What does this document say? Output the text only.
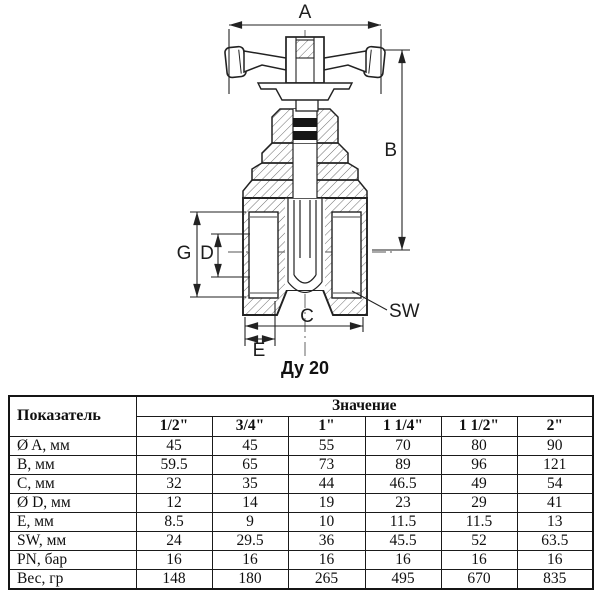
A
B
G D
C
E
SW
Ду 20
Показатель	Значение					
	1/2"	3/4"	1"	1 1/4"	1 1/2"	2"
Ø A, мм	45	45	55	70	80	90
B, мм	59.5	65	73	89	96	121
C, мм	32	35	44	46.5	49	54
Ø D, мм	12	14	19	23	29	41
E, мм	8.5	9	10	11.5	11.5	13
SW, мм	24	29.5	36	45.5	52	63.5
PN, бар	16	16	16	16	16	16
Вес, гр	148	180	265	495	670	835
